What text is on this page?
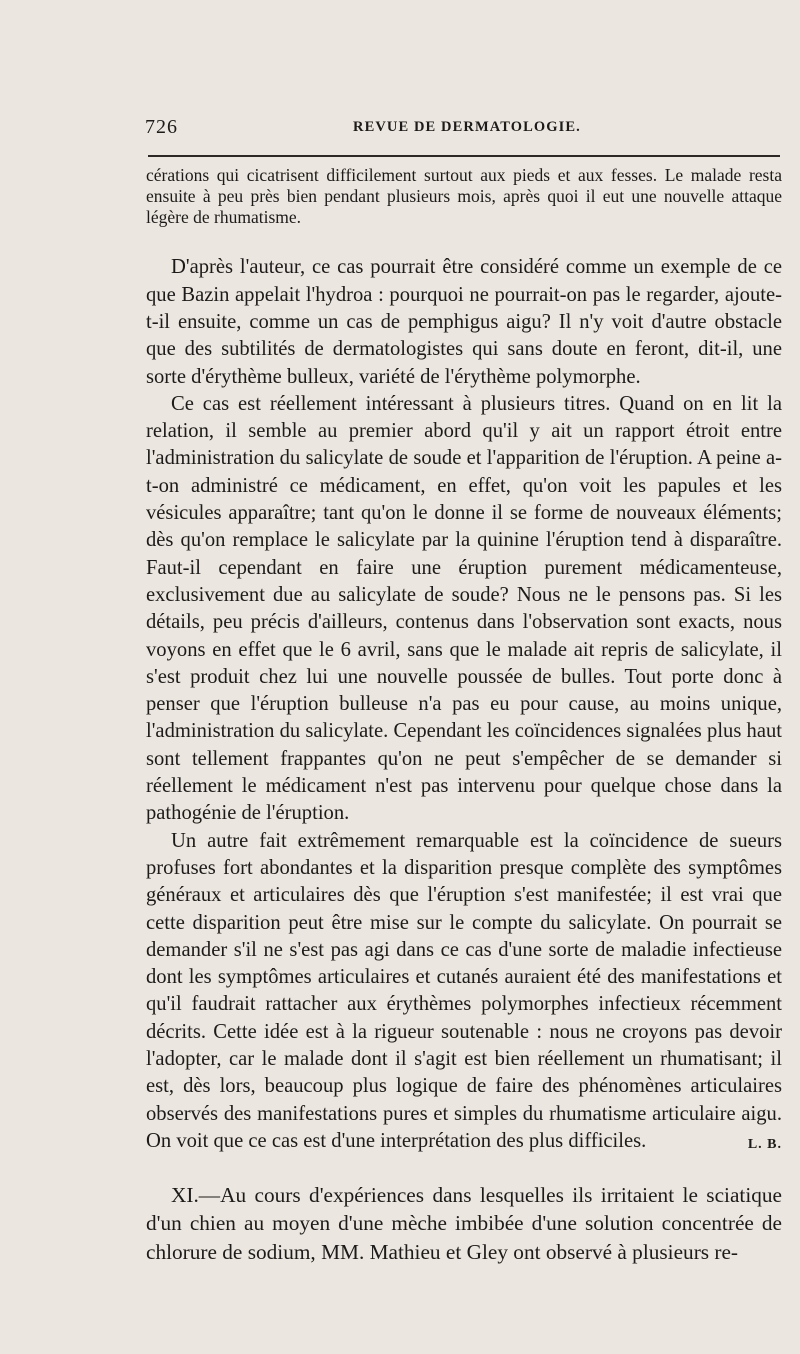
726	REVUE DE DERMATOLOGIE.

cérations qui cicatrisent difficilement surtout aux pieds et aux fesses. Le malade resta ensuite à peu près bien pendant plusieurs mois, après quoi il eut une nouvelle attaque légère de rhumatisme.

D'après l'auteur, ce cas pourrait être considéré comme un exemple de ce que Bazin appelait l'hydroa : pourquoi ne pourrait-on pas le regarder, ajoute-t-il ensuite, comme un cas de pemphigus aigu? Il n'y voit d'autre obstacle que des subtilités de dermatologistes qui sans doute en feront, dit-il, une sorte d'érythème bulleux, variété de l'érythème polymorphe.

Ce cas est réellement intéressant à plusieurs titres. Quand on en lit la relation, il semble au premier abord qu'il y ait un rapport étroit entre l'administration du salicylate de soude et l'apparition de l'éruption. A peine a-t-on administré ce médicament, en effet, qu'on voit les papules et les vésicules apparaître; tant qu'on le donne il se forme de nouveaux éléments; dès qu'on remplace le salicylate par la quinine l'éruption tend à disparaître. Faut-il cependant en faire une éruption purement médicamenteuse, exclusivement due au salicylate de soude? Nous ne le pensons pas. Si les détails, peu précis d'ailleurs, contenus dans l'observation sont exacts, nous voyons en effet que le 6 avril, sans que le malade ait repris de salicylate, il s'est produit chez lui une nouvelle poussée de bulles. Tout porte donc à penser que l'éruption bulleuse n'a pas eu pour cause, au moins unique, l'administration du salicylate. Cependant les coïncidences signalées plus haut sont tellement frappantes qu'on ne peut s'empêcher de se demander si réellement le médicament n'est pas intervenu pour quelque chose dans la pathogénie de l'éruption.

Un autre fait extrêmement remarquable est la coïncidence de sueurs profuses fort abondantes et la disparition presque complète des symptômes généraux et articulaires dès que l'éruption s'est manifestée; il est vrai que cette disparition peut être mise sur le compte du salicylate. On pourrait se demander s'il ne s'est pas agi dans ce cas d'une sorte de maladie infectieuse dont les symptômes articulaires et cutanés auraient été des manifestations et qu'il faudrait rattacher aux érythèmes polymorphes infectieux récemment décrits. Cette idée est à la rigueur soutenable : nous ne croyons pas devoir l'adopter, car le malade dont il s'agit est bien réellement un rhumatisant; il est, dès lors, beaucoup plus logique de faire des phénomènes articulaires observés des manifestations pures et simples du rhumatisme articulaire aigu. On voit que ce cas est d'une interprétation des plus difficiles.	L. B.

XI.—Au cours d'expériences dans lesquelles ils irritaient le sciatique d'un chien au moyen d'une mèche imbibée d'une solution concentrée de chlorure de sodium, MM. Mathieu et Gley ont observé à plusieurs re-
